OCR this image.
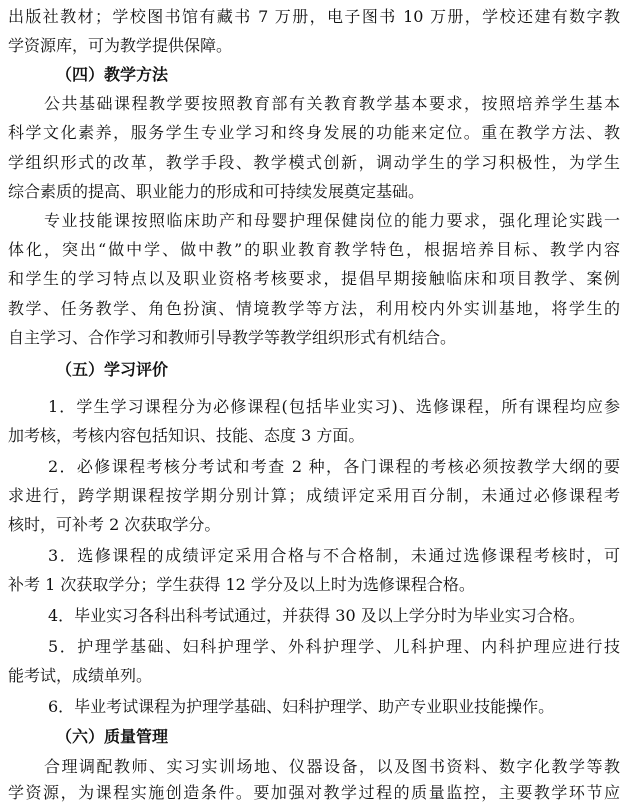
出版社教材；学校图书馆有藏书 7 万册，电子图书 10 万册，学校还建有数字教
学资源库，可为教学提供保障。
（四）教学方法
公共基础课程教学要按照教育部有关教育教学基本要求，按照培养学生基本
科学文化素养，服务学生专业学习和终身发展的功能来定位。重在教学方法、教
学组织形式的改革，教学手段、教学模式创新，调动学生的学习积极性，为学生
综合素质的提高、职业能力的形成和可持续发展奠定基础。
专业技能课按照临床助产和母婴护理保健岗位的能力要求，强化理论实践一
体化，突出“做中学、做中教”的职业教育教学特色，根据培养目标、教学内容
和学生的学习特点以及职业资格考核要求，提倡早期接触临床和项目教学、案例
教学、任务教学、角色扮演、情境教学等方法，利用校内外实训基地，将学生的
自主学习、合作学习和教师引导教学等教学组织形式有机结合。
（五）学习评价
1．学生学习课程分为必修课程(包括毕业实习)、选修课程，所有课程均应参
加考核，考核内容包括知识、技能、态度 3 方面。
2．必修课程考核分考试和考查 2 种，各门课程的考核必须按教学大纲的要
求进行，跨学期课程按学期分别计算；成绩评定采用百分制，未通过必修课程考
核时，可补考 2 次获取学分。
3．选修课程的成绩评定采用合格与不合格制，未通过选修课程考核时，可
补考 1 次获取学分；学生获得 12 学分及以上时为选修课程合格。
4．毕业实习各科出科考试通过，并获得 30 及以上学分时为毕业实习合格。
5．护理学基础、妇科护理学、外科护理学、儿科护理、内科护理应进行技
能考试，成绩单列。
6．毕业考试课程为护理学基础、妇科护理学、助产专业职业技能操作。
（六）质量管理
合理调配教师、实习实训场地、仪器设备，以及图书资料、数字化教学等教
学资源，为课程实施创造条件。要加强对教学过程的质量监控，主要教学环节应
